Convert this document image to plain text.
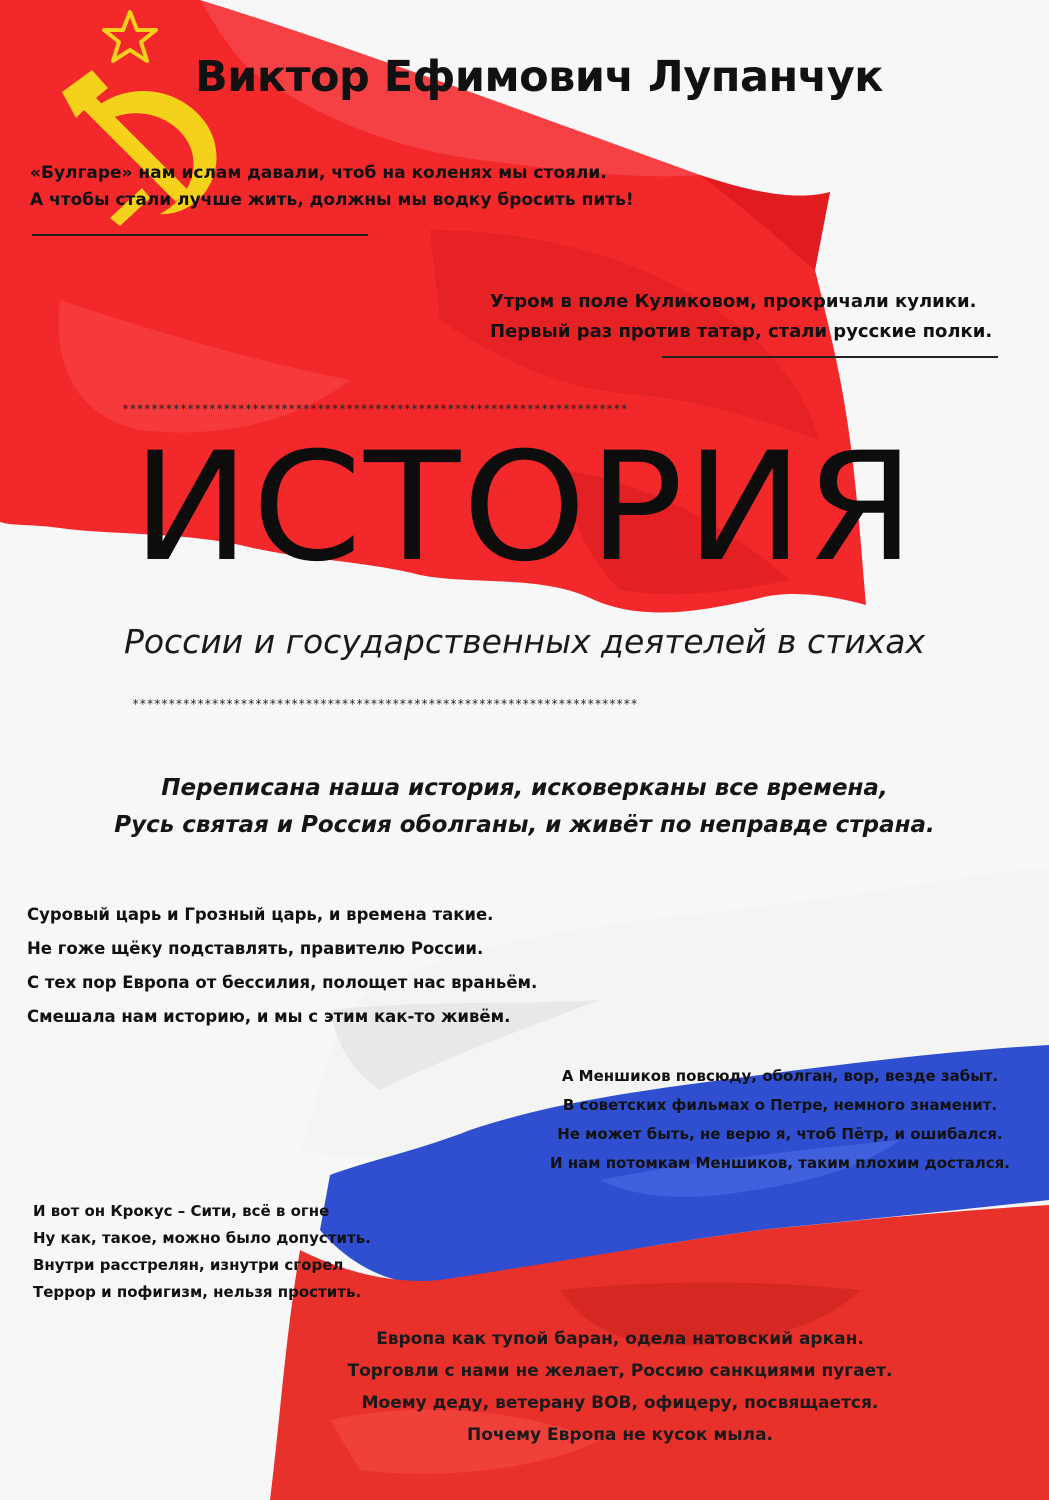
Виктор Ефимович Лупанчук
«Булгаре» нам ислам давали, чтоб на коленях мы стояли.
А чтобы стали лучше жить, должны мы водку бросить пить!
Утром в поле Куликовом, прокричали кулики.
Первый раз против татар, стали русские полки.
**********************************************************************
ИСТОРИЯ
России и государственных деятелей в стихах
**********************************************************************
Переписана наша история, исковерканы все времена,
Русь святая и Россия оболганы, и живёт по неправде страна.
Суровый царь и Грозный царь, и времена такие.
Не гоже щёку подставлять, правителю России.
С тех пор Европа от бессилия, полощет нас враньём.
Смешала нам историю, и мы с этим как-то живём.
А Меншиков повсюду, оболган, вор, везде забыт.
В советских фильмах о Петре, немного знаменит.
Не может быть, не верю я, чтоб Пётр, и ошибался.
И нам потомкам Меншиков, таким плохим достался.
И вот он Крокус – Сити, всё в огне
Ну как, такое, можно было допустить.
Внутри расстрелян, изнутри сгорел
Террор и пофигизм, нельзя простить.
Европа как тупой баран, одела натовский аркан.
Торговли с нами не желает, Россию санкциями пугает.
Моему деду, ветерану ВОВ, офицеру, посвящается.
Почему Европа не кусок мыла.
